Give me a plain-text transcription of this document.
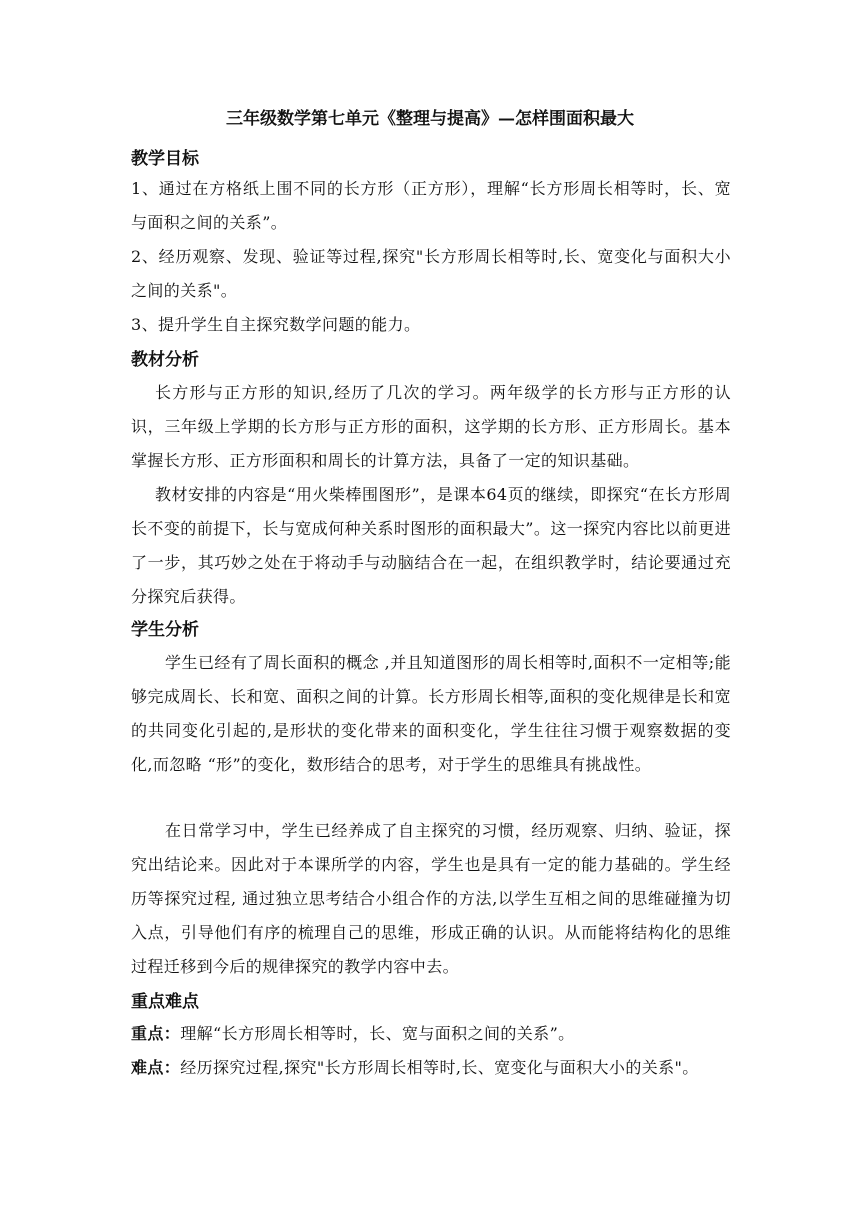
三年级数学第七单元《整理与提高》—怎样围面积最大
教学目标
1、通过在方格纸上围不同的长方形（正方形），理解“长方形周长相等时，长、宽与面积之间的关系”。
2、经历观察、发现、验证等过程,探究"长方形周长相等时,长、宽变化与面积大小之间的关系"。
3、提升学生自主探究数学问题的能力。
教材分析
长方形与正方形的知识,经历了几次的学习。两年级学的长方形与正方形的认识，三年级上学期的长方形与正方形的面积，这学期的长方形、正方形周长。基本掌握长方形、正方形面积和周长的计算方法，具备了一定的知识基础。
教材安排的内容是“用火柴棒围图形”，是课本64页的继续，即探究“在长方形周长不变的前提下，长与宽成何种关系时图形的面积最大”。这一探究内容比以前更进了一步，其巧妙之处在于将动手与动脑结合在一起，在组织教学时，结论要通过充分探究后获得。
学生分析
学生已经有了周长面积的概念 ,并且知道图形的周长相等时,面积不一定相等;能够完成周长、长和宽、面积之间的计算。长方形周长相等,面积的变化规律是长和宽的共同变化引起的,是形状的变化带来的面积变化，学生往往习惯于观察数据的变化,而忽略 “形”的变化，数形结合的思考，对于学生的思维具有挑战性。
在日常学习中，学生已经养成了自主探究的习惯，经历观察、归纳、验证，探究出结论来。因此对于本课所学的内容，学生也是具有一定的能力基础的。学生经历等探究过程, 通过独立思考结合小组合作的方法,以学生互相之间的思维碰撞为切入点，引导他们有序的梳理自己的思维，形成正确的认识。从而能将结构化的思维过程迁移到今后的规律探究的教学内容中去。
重点难点
重点：理解“长方形周长相等时，长、宽与面积之间的关系”。
难点：经历探究过程,探究"长方形周长相等时,长、宽变化与面积大小的关系"。
